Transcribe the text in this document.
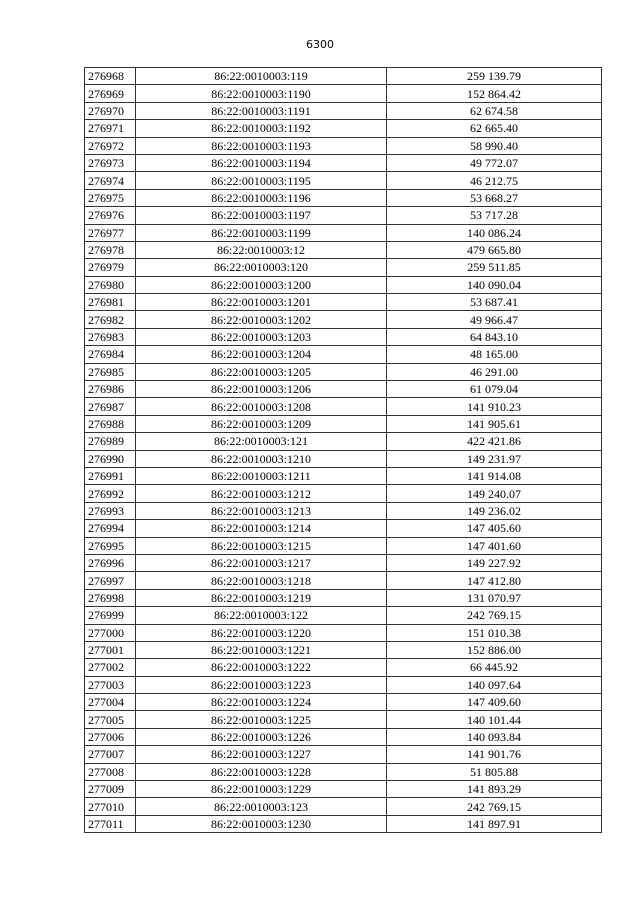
6300
276968	86:22:0010003:119	259 139.79
276969	86:22:0010003:1190	152 864.42
276970	86:22:0010003:1191	62 674.58
276971	86:22:0010003:1192	62 665.40
276972	86:22:0010003:1193	58 990.40
276973	86:22:0010003:1194	49 772.07
276974	86:22:0010003:1195	46 212.75
276975	86:22:0010003:1196	53 668.27
276976	86:22:0010003:1197	53 717.28
276977	86:22:0010003:1199	140 086.24
276978	86:22:0010003:12	479 665.80
276979	86:22:0010003:120	259 511.85
276980	86:22:0010003:1200	140 090.04
276981	86:22:0010003:1201	53 687.41
276982	86:22:0010003:1202	49 966.47
276983	86:22:0010003:1203	64 843.10
276984	86:22:0010003:1204	48 165.00
276985	86:22:0010003:1205	46 291.00
276986	86:22:0010003:1206	61 079.04
276987	86:22:0010003:1208	141 910.23
276988	86:22:0010003:1209	141 905.61
276989	86:22:0010003:121	422 421.86
276990	86:22:0010003:1210	149 231.97
276991	86:22:0010003:1211	141 914.08
276992	86:22:0010003:1212	149 240.07
276993	86:22:0010003:1213	149 236.02
276994	86:22:0010003:1214	147 405.60
276995	86:22:0010003:1215	147 401.60
276996	86:22:0010003:1217	149 227.92
276997	86:22:0010003:1218	147 412.80
276998	86:22:0010003:1219	131 070.97
276999	86:22:0010003:122	242 769.15
277000	86:22:0010003:1220	151 010.38
277001	86:22:0010003:1221	152 886.00
277002	86:22:0010003:1222	66 445.92
277003	86:22:0010003:1223	140 097.64
277004	86:22:0010003:1224	147 409.60
277005	86:22:0010003:1225	140 101.44
277006	86:22:0010003:1226	140 093.84
277007	86:22:0010003:1227	141 901.76
277008	86:22:0010003:1228	51 805.88
277009	86:22:0010003:1229	141 893.29
277010	86:22:0010003:123	242 769.15
277011	86:22:0010003:1230	141 897.91
